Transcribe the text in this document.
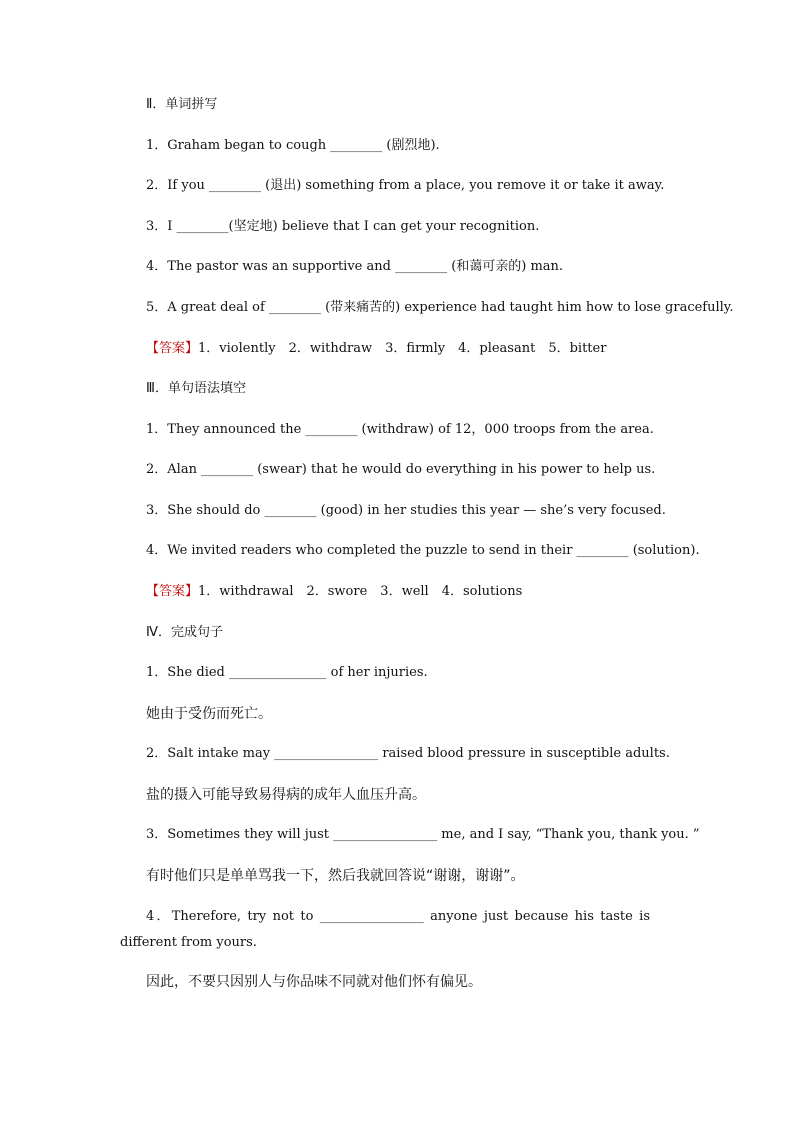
Ⅱ．单词拼写
1．Graham began to cough ________ (剧烈地).
2．If you ________ (退出) something from a place, you remove it or take it away.
3．I ________(坚定地) believe that I can get your recognition.
4．The pastor was an supportive and ________ (和蔼可亲的) man.
5．A great deal of ________ (带来痛苦的) experience had taught him how to lose gracefully.
【答案】1．violently　2．withdraw　3．firmly　4．pleasant　5．bitter
Ⅲ．单句语法填空
1．They announced the ________ (withdraw) of 12，000 troops from the area.
2．Alan ________ (swear) that he would do everything in his power to help us.
3．She should do ________ (good) in her studies this year — she’s very focused.
4．We invited readers who completed the puzzle to send in their ________ (solution).
【答案】1．withdrawal　2．swore　3．well　4．solutions
Ⅳ．完成句子
1．She died _______________ of her injuries.
她由于受伤而死亡。
2．Salt intake may ________________ raised blood pressure in susceptible adults.
盐的摄入可能导致易得病的成年人血压升高。
3．Sometimes they will just ________________ me, and I say, “Thank you, thank you. ”
有时他们只是单单骂我一下，然后我就回答说“谢谢，谢谢”。
4．Therefore, try not to ________________ anyone just because his taste is different from yours.
因此，不要只因别人与你品味不同就对他们怀有偏见。
